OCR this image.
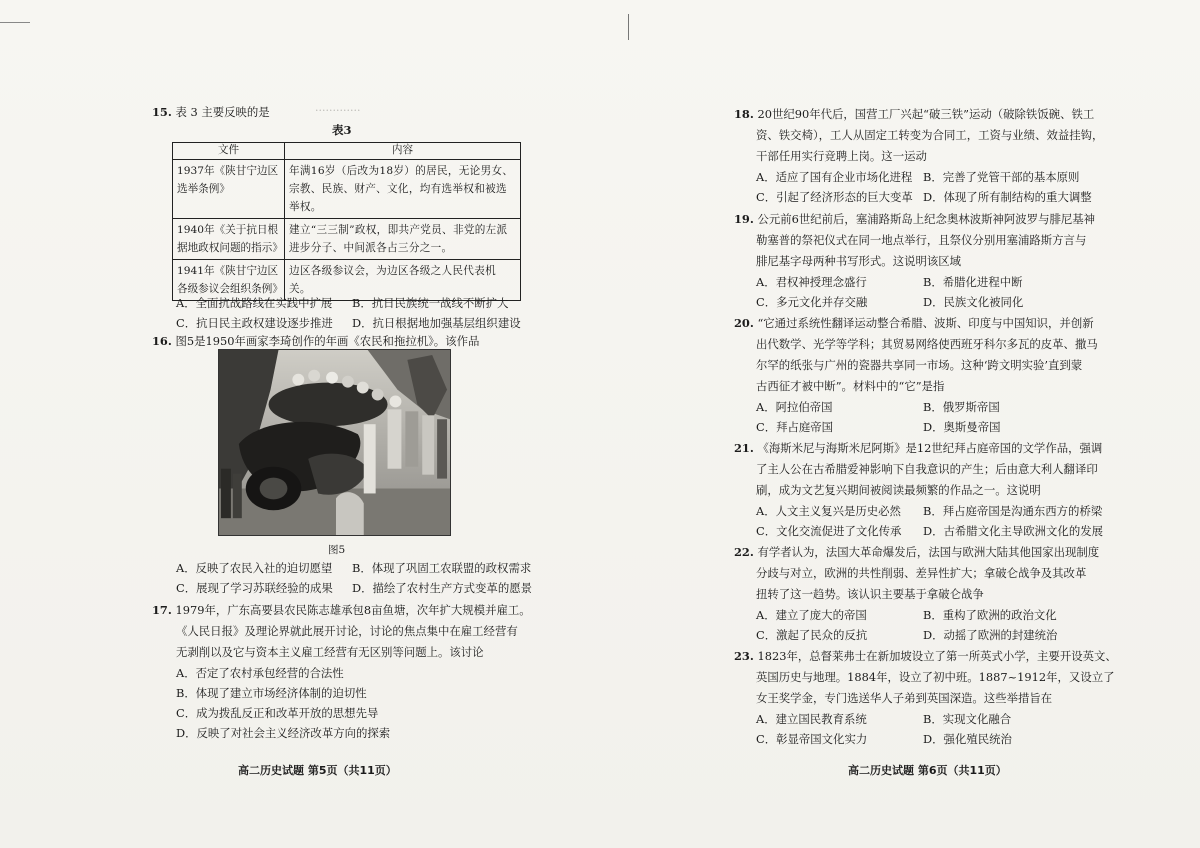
·············
15. 表 3 主要反映的是
表3
文件	内容
1937年《陕甘宁边区选举条例》	年满16岁（后改为18岁）的居民，无论男女、宗教、民族、财产、文化，均有选举权和被选举权。
1940年《关于抗日根据地政权问题的指示》	建立“三三制”政权，即共产党员、非党的左派进步分子、中间派各占三分之一。
1941年《陕甘宁边区各级参议会组织条例》	边区各级参议会，为边区各级之人民代表机关。
A．全面抗战路线在实践中扩展	B．抗日民族统一战线不断扩大
C．抗日民主政权建设逐步推进	D．抗日根据地加强基层组织建设
16. 图5是1950年画家李琦创作的年画《农民和拖拉机》。该作品
图5
A．反映了农民入社的迫切愿望	B．体现了巩固工农联盟的政权需求
C．展现了学习苏联经验的成果	D．描绘了农村生产方式变革的愿景
17. 1979年，广东高要县农民陈志雄承包8亩鱼塘，次年扩大规模并雇工。
《人民日报》及理论界就此展开讨论，讨论的焦点集中在雇工经营有
无剥削以及它与资本主义雇工经营有无区别等问题上。该讨论
A．否定了农村承包经营的合法性
B．体现了建立市场经济体制的迫切性
C．成为拨乱反正和改革开放的思想先导
D．反映了对社会主义经济改革方向的探索
高二历史试题 第5页（共11页）
18. 20世纪90年代后，国营工厂兴起“破三铁”运动（破除铁饭碗、铁工
资、铁交椅），工人从固定工转变为合同工，工资与业绩、效益挂钩，
干部任用实行竞聘上岗。这一运动
A．适应了国有企业市场化进程 B．完善了党管干部的基本原则
C．引起了经济形态的巨大变革 D．体现了所有制结构的重大调整
19. 公元前6世纪前后，塞浦路斯岛上纪念奥林波斯神阿波罗与腓尼基神
勒塞普的祭祀仪式在同一地点举行，且祭仪分别用塞浦路斯方言与
腓尼基字母两种书写形式。这说明该区域
A．君权神授理念盛行	B．希腊化进程中断
C．多元文化并存交融	D．民族文化被同化
20. “它通过系统性翻译运动整合希腊、波斯、印度与中国知识，并创新
出代数学、光学等学科；其贸易网络使西班牙科尔多瓦的皮革、撒马
尔罕的纸张与广州的瓷器共享同一市场。这种‘跨文明实验’直到蒙
古西征才被中断”。材料中的“它”是指
A．阿拉伯帝国	B．俄罗斯帝国
C．拜占庭帝国	D．奥斯曼帝国
21. 《海斯米尼与海斯米尼阿斯》是12世纪拜占庭帝国的文学作品，强调
了主人公在古希腊爱神影响下自我意识的产生；后由意大利人翻译印
刷，成为文艺复兴期间被阅读最频繁的作品之一。这说明
A．人文主义复兴是历史必然	B．拜占庭帝国是沟通东西方的桥梁
C．文化交流促进了文化传承	D．古希腊文化主导欧洲文化的发展
22. 有学者认为，法国大革命爆发后，法国与欧洲大陆其他国家出现制度
分歧与对立，欧洲的共性削弱、差异性扩大；拿破仑战争及其改革
扭转了这一趋势。该认识主要基于拿破仑战争
A．建立了庞大的帝国	B．重构了欧洲的政治文化
C．激起了民众的反抗	D．动摇了欧洲的封建统治
23. 1823年，总督莱弗士在新加坡设立了第一所英式小学，主要开设英文、
英国历史与地理。1884年，设立了初中班。1887~1912年，又设立了
女王奖学金，专门选送华人子弟到英国深造。这些举措旨在
A．建立国民教育系统	B．实现文化融合
C．彰显帝国文化实力	D．强化殖民统治
高二历史试题 第6页（共11页）
